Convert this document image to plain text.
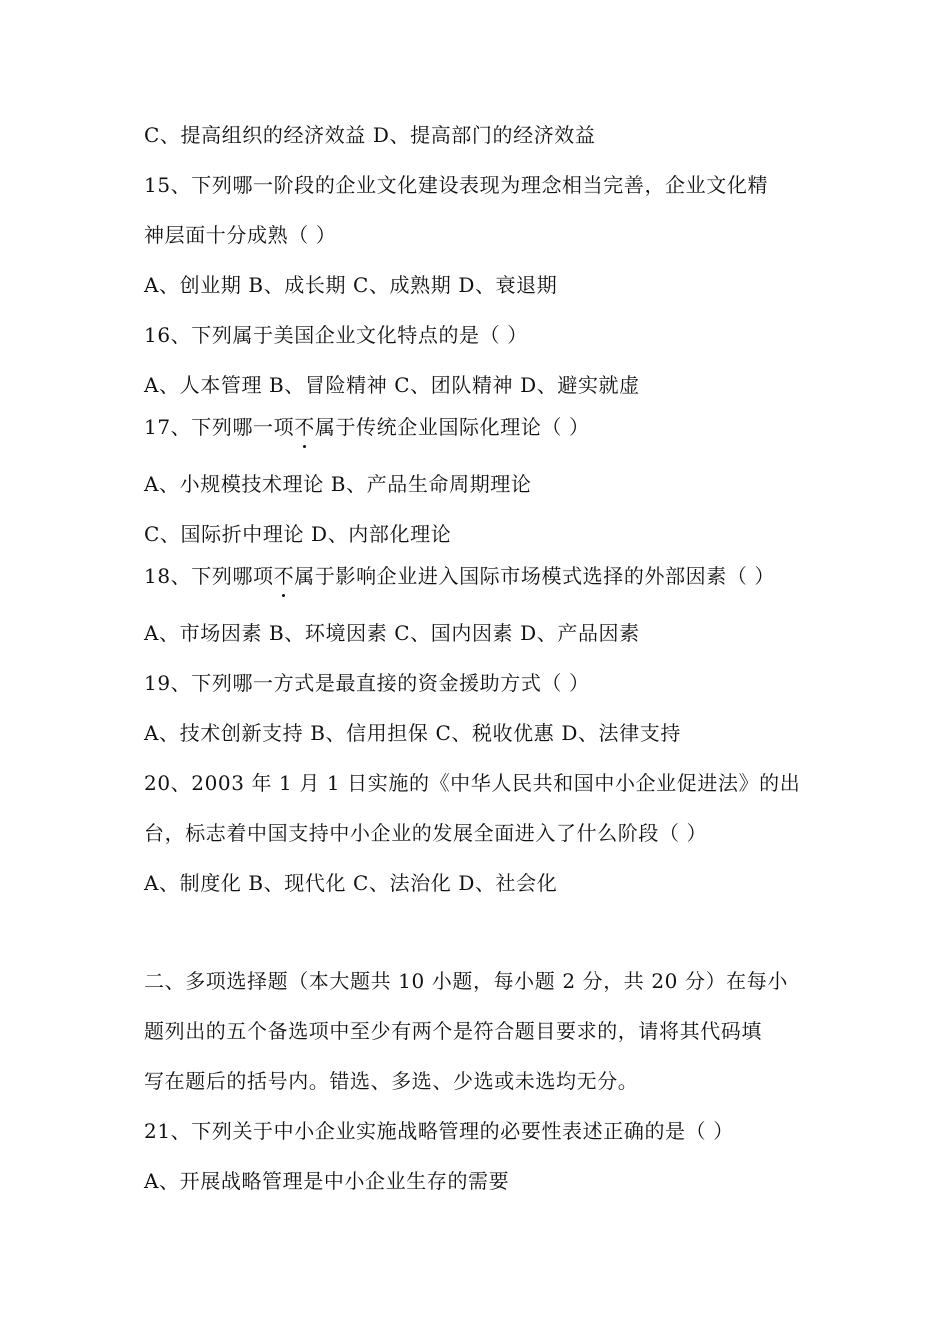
C、提高组织的经济效益 D、提高部门的经济效益
15、下列哪一阶段的企业文化建设表现为理念相当完善，企业文化精
神层面十分成熟（ ）
A、创业期 B、成长期 C、成熟期 D、衰退期
16、下列属于美国企业文化特点的是（ ）
A、人本管理 B、冒险精神 C、团队精神 D、避实就虚
17、下列哪一项不属于传统企业国际化理论（ ）
A、小规模技术理论 B、产品生命周期理论
C、国际折中理论 D、内部化理论
18、下列哪项不属于影响企业进入国际市场模式选择的外部因素（ ）
A、市场因素 B、环境因素 C、国内因素 D、产品因素
19、下列哪一方式是最直接的资金援助方式（ ）
A、技术创新支持 B、信用担保 C、税收优惠 D、法律支持
20、2003 年 1 月 1 日实施的《中华人民共和国中小企业促进法》的出
台，标志着中国支持中小企业的发展全面进入了什么阶段（ ）
A、制度化 B、现代化 C、法治化 D、社会化
二、多项选择题（本大题共 10 小题，每小题 2 分，共 20 分）在每小
题列出的五个备选项中至少有两个是符合题目要求的，请将其代码填
写在题后的括号内。错选、多选、少选或未选均无分。
21、下列关于中小企业实施战略管理的必要性表述正确的是（ ）
A、开展战略管理是中小企业生存的需要
